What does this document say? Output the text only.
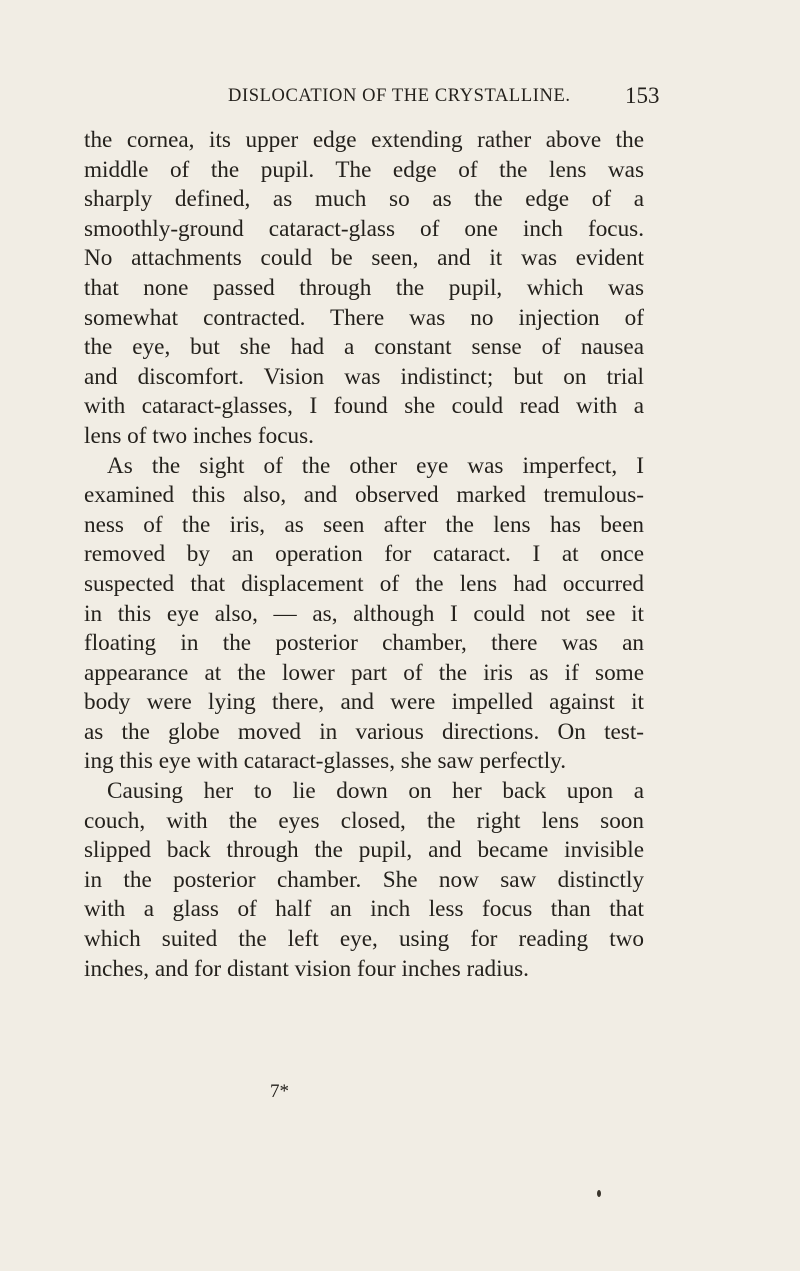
DISLOCATION OF THE CRYSTALLINE. 153
the cornea, its upper edge extending rather above the
middle of the pupil. The edge of the lens was
sharply defined, as much so as the edge of a
smoothly-ground cataract-glass of one inch focus.
No attachments could be seen, and it was evident
that none passed through the pupil, which was
somewhat contracted. There was no injection of
the eye, but she had a constant sense of nausea
and discomfort. Vision was indistinct; but on trial
with cataract-glasses, I found she could read with a
lens of two inches focus.
As the sight of the other eye was imperfect, I
examined this also, and observed marked tremulous-
ness of the iris, as seen after the lens has been
removed by an operation for cataract. I at once
suspected that displacement of the lens had occurred
in this eye also, — as, although I could not see it
floating in the posterior chamber, there was an
appearance at the lower part of the iris as if some
body were lying there, and were impelled against it
as the globe moved in various directions. On test-
ing this eye with cataract-glasses, she saw perfectly.
Causing her to lie down on her back upon a
couch, with the eyes closed, the right lens soon
slipped back through the pupil, and became invisible
in the posterior chamber. She now saw distinctly
with a glass of half an inch less focus than that
which suited the left eye, using for reading two
inches, and for distant vision four inches radius.
7*
